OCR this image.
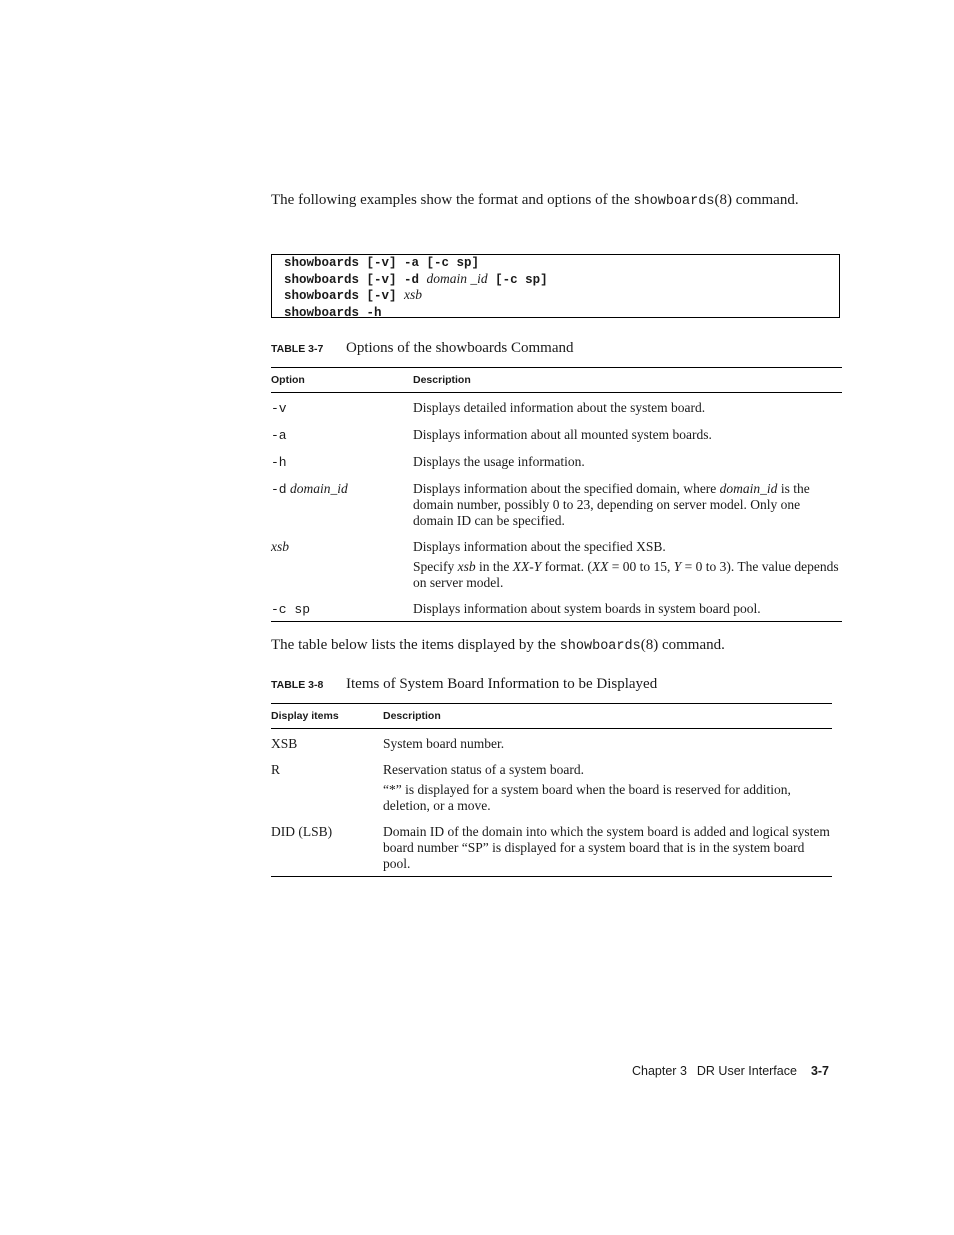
The following examples show the format and options of the showboards(8) command.

showboards [-v] -a [-c sp]
showboards [-v] -d domain _id [-c sp]
showboards [-v] xsb
showboards -h
TABLE 3-7 Options of the showboards Command
Option	Description
-v	Displays detailed information about the system board.

-a	Displays information about all mounted system boards.

-h	Displays the usage information.

-d domain_id	Displays information about the specified domain, where domain_id is the domain number, possibly 0 to 23, depending on server model. Only one domain ID can be specified.

xsb	Displays information about the specified XSB.

Specify xsb in the XX-Y format. (XX = 00 to 15, Y = 0 to 3). The value depends on server model.

-c sp	Displays information about system boards in system board pool.

The table below lists the items displayed by the showboards(8) command.

TABLE 3-8 Items of System Board Information to be Displayed
Display items	Description

XSB	System board number.

R	Reservation status of a system board.

“*” is displayed for a system board when the board is reserved for addition, deletion, or a move.

DID (LSB)	Domain ID of the domain into which the system board is added and logical system board number “SP” is displayed for a system board that is in the system board pool.

Chapter 3 DR User Interface 3-7
